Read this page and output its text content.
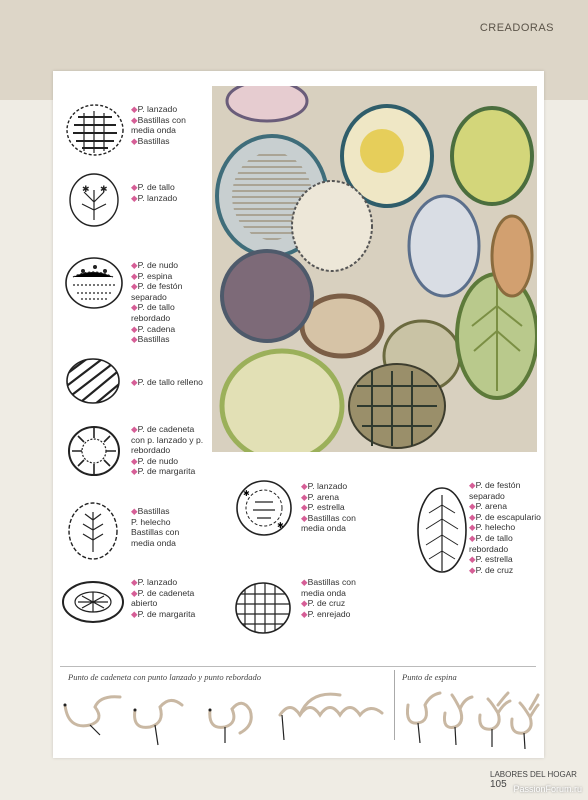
CREADORAS
✱ ✱
✱
✱
◆P. lanzado
◆Bastillas con
media onda
◆Bastillas
◆P. de tallo
◆P. lanzado
◆P. de nudo
◆P. espina
◆P. de festón
separado
◆P. de tallo
rebordado
◆P. cadena
◆Bastillas
◆P. de tallo relleno
◆P. de cadeneta
con p. lanzado y p.
rebordado
◆P. de nudo
◆P. de margarita
◆Bastillas
P. helecho
Bastillas con
media onda
◆P. lanzado
◆P. de cadeneta
abierto
◆P. de margarita
◆P. lanzado
◆P. arena
◆P. estrella
◆Bastillas con
media onda
◆Bastillas con
media onda
◆P. de cruz
◆P. enrejado
◆P. de festón
separado
◆P. arena
◆P. de escapulario
◆P. helecho
◆P. de tallo
rebordado
◆P. estrella
◆P. de cruz
Punto de cadeneta con punto lanzado y punto rebordado	Punto de espina
LABORES DEL HOGAR 105 PassionForum.ru
